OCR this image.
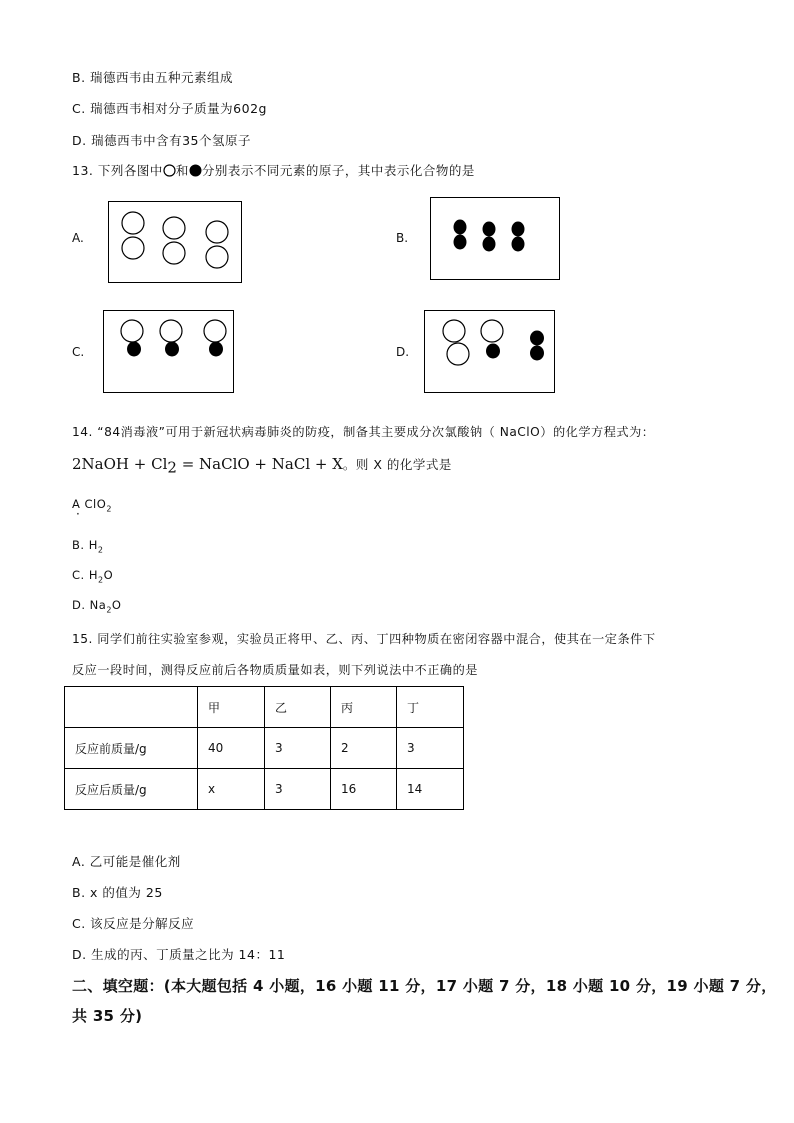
B. 瑞德西韦由五种元素组成
C. 瑞德西韦相对分子质量为602g
D. 瑞德西韦中含有35个氢原子
13. 下列各图中 和 分别表示不同元素的原子，其中表示化合物的是
A.	B.
C.	D.
14. “84消毒液”可用于新冠状病毒肺炎的防疫，制备其主要成分次氯酸钠（ NaClO）的化学方程式为：
2NaOH + $Cl_2$ = NaClO + NaCl + X。则 X 的化学式是
A ClO$_2$
·
B. $H_2$
C. $H_2O$
D. $Na_2O$
15. 同学们前往实验室参观，实验员正将甲、乙、丙、丁四种物质在密闭容器中混合，使其在一定条件下
反应一段时间，测得反应前后各物质质量如表，则下列说法中不正确的是
	甲	乙	丙	丁
反应前质量/g	40	3	2	3
反应后质量/g	x	3	16	14
A. 乙可能是催化剂
B. x 的值为 25
C. 该反应是分解反应
D. 生成的丙、丁质量之比为 14：11
二、填空题：(本大题包括 4 小题，16 小题 11 分，17 小题 7 分，18 小题 10 分，19 小题 7 分，
共 35 分)
